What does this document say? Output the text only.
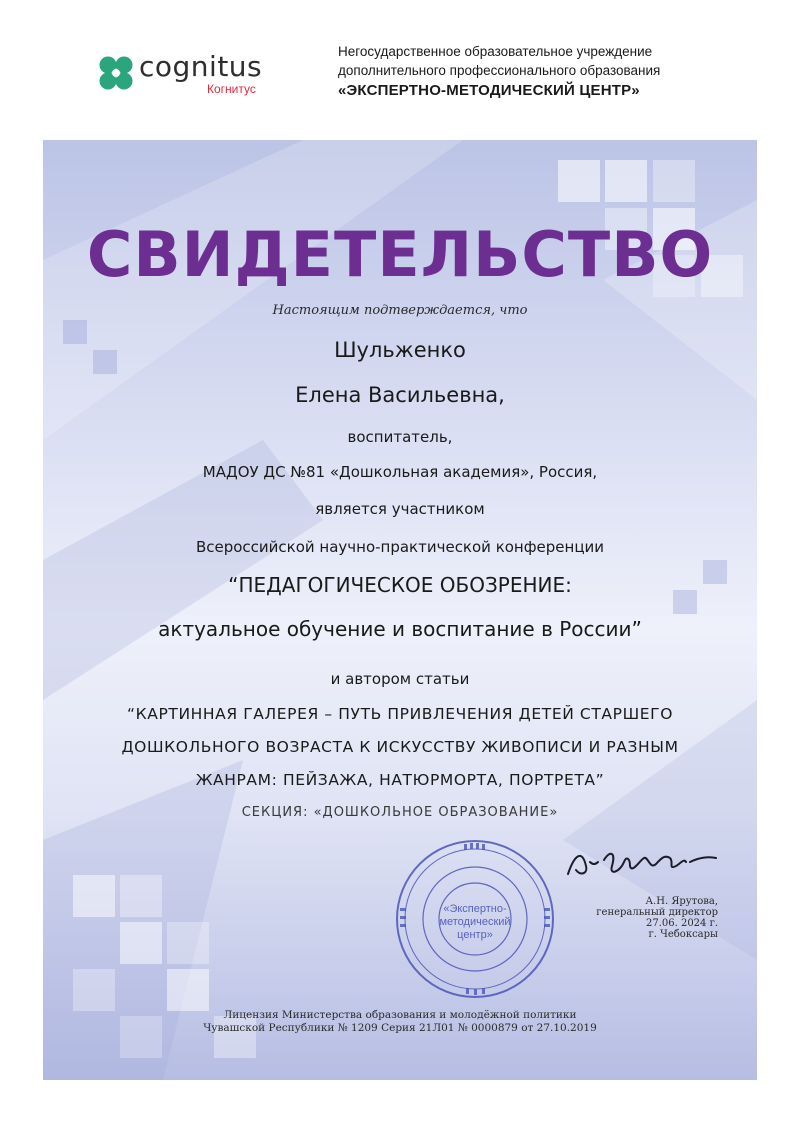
cognitus
Когнитус
Негосударственное образовательное учреждение
дополнительного профессионального образования
«ЭКСПЕРТНО-МЕТОДИЧЕСКИЙ ЦЕНТР»
СВИДЕТЕЛЬСТВО
Настоящим подтверждается, что
Шульженко
Елена Васильевна,
воспитатель,
МАДОУ ДС №81 «Дошкольная академия», Россия,
является участником
Всероссийской научно-практической конференции
“ПЕДАГОГИЧЕСКОЕ ОБОЗРЕНИЕ:
актуальное обучение и воспитание в России”
и автором статьи
“КАРТИННАЯ ГАЛЕРЕЯ – ПУТЬ ПРИВЛЕЧЕНИЯ ДЕТЕЙ СТАРШЕГО
ДОШКОЛЬНОГО ВОЗРАСТА К ИСКУССТВУ ЖИВОПИСИ И РАЗНЫМ
ЖАНРАМ: ПЕЙЗАЖА, НАТЮРМОРТА, ПОРТРЕТА”
СЕКЦИЯ: «ДОШКОЛЬНОЕ ОБРАЗОВАНИЕ»
«Экспертно-
методический
центр»
А.Н. Ярутова,
генеральный директор
27.06. 2024 г.
г. Чебоксары
Лицензия Министерства образования и молодёжной политики
Чувашской Республики № 1209 Серия 21Л01 № 0000879 от 27.10.2019
